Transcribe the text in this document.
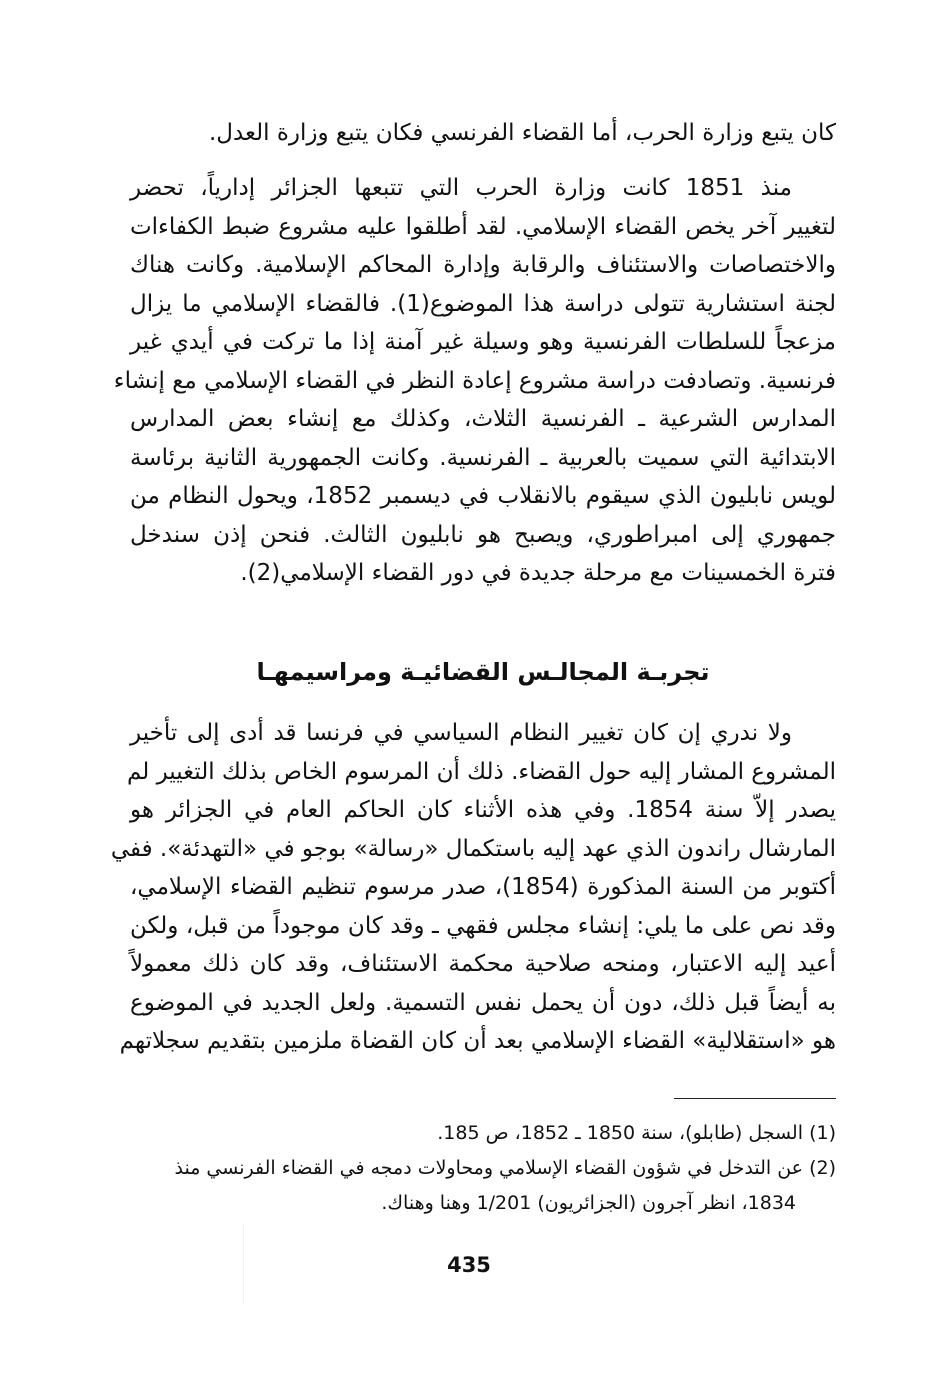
كان يتبع وزارة الحرب، أما القضاء الفرنسي فكان يتبع وزارة العدل.
منذ 1851 كانت وزارة الحرب التي تتبعها الجزائر إدارياً، تحضر
لتغيير آخر يخص القضاء الإسلامي. لقد أطلقوا عليه مشروع ضبط الكفاءات
والاختصاصات والاستئناف والرقابة وإدارة المحاكم الإسلامية. وكانت هناك
لجنة استشارية تتولى دراسة هذا الموضوع(1). فالقضاء الإسلامي ما يزال
مزعجاً للسلطات الفرنسية وهو وسيلة غير آمنة إذا ما تركت في أيدي غير
فرنسية. وتصادفت دراسة مشروع إعادة النظر في القضاء الإسلامي مع إنشاء
المدارس الشرعية ـ الفرنسية الثلاث، وكذلك مع إنشاء بعض المدارس
الابتدائية التي سميت بالعربية ـ الفرنسية. وكانت الجمهورية الثانية برئاسة
لويس نابليون الذي سيقوم بالانقلاب في ديسمبر 1852، ويحول النظام من
جمهوري إلى امبراطوري، ويصبح هو نابليون الثالث. فنحن إذن سندخل
فترة الخمسينات مع مرحلة جديدة في دور القضاء الإسلامي(2).
تجربـة المجالـس القضائيـة ومراسيمهـا
ولا ندري إن كان تغيير النظام السياسي في فرنسا قد أدى إلى تأخير
المشروع المشار إليه حول القضاء. ذلك أن المرسوم الخاص بذلك التغيير لم
يصدر إلاّ سنة 1854. وفي هذه الأثناء كان الحاكم العام في الجزائر هو
المارشال راندون الذي عهد إليه باستكمال «رسالة» بوجو في «التهدئة». ففي
أكتوبر من السنة المذكورة (1854)، صدر مرسوم تنظيم القضاء الإسلامي،
وقد نص على ما يلي: إنشاء مجلس فقهي ـ وقد كان موجوداً من قبل، ولكن
أعيد إليه الاعتبار، ومنحه صلاحية محكمة الاستئناف، وقد كان ذلك معمولاً
به أيضاً قبل ذلك، دون أن يحمل نفس التسمية. ولعل الجديد في الموضوع
هو «استقلالية» القضاء الإسلامي بعد أن كان القضاة ملزمين بتقديم سجلاتهم
(1) السجل (طابلو)، سنة 1850 ـ 1852، ص 185.
(2) عن التدخل في شؤون القضاء الإسلامي ومحاولات دمجه في القضاء الفرنسي منذ
1834، انظر آجرون (الجزائريون) 1/201 وهنا وهناك.
435
